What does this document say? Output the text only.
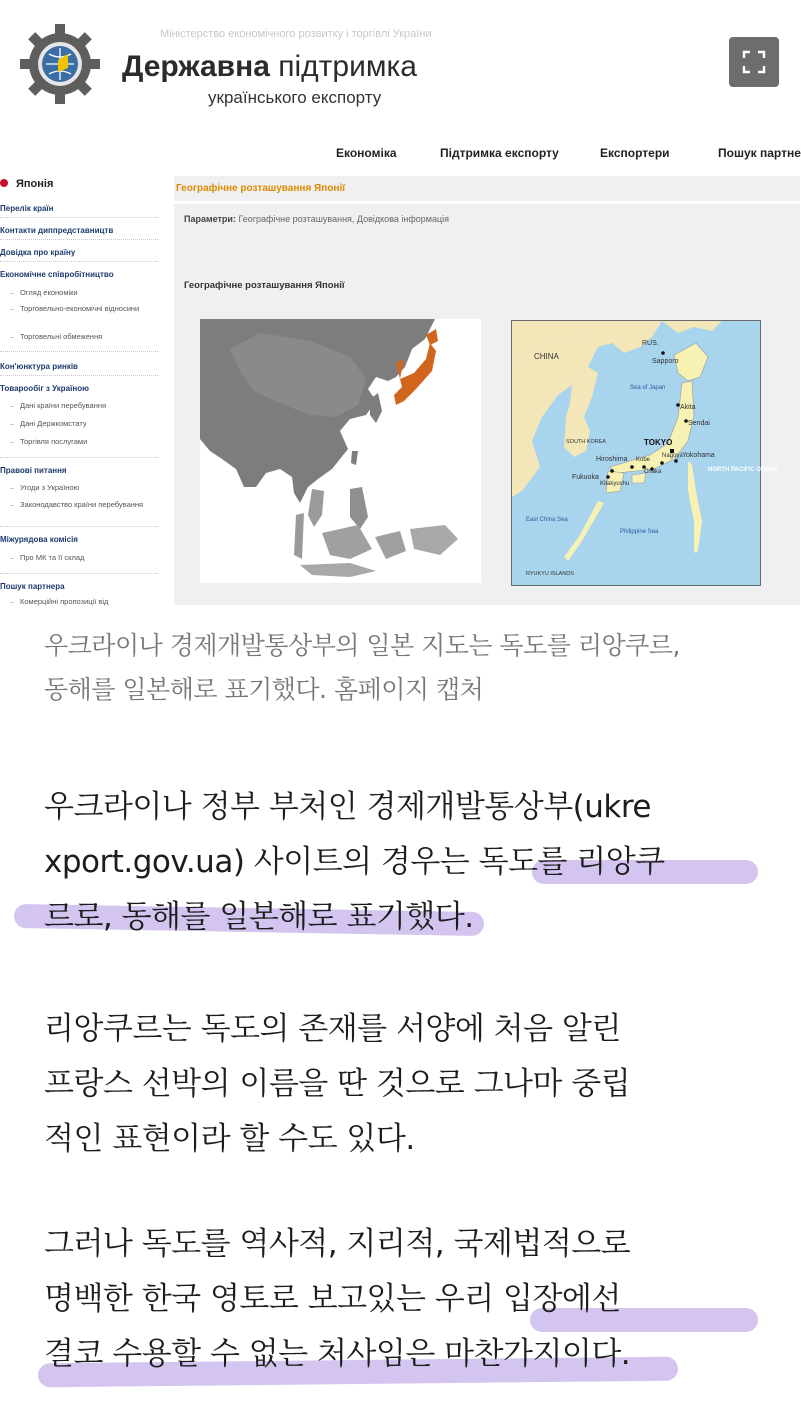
Міністерство економічного розвитку і торгівлі України
Державна підтримка
українського експорту
Економіка	Підтримка експорту	Експортери	Пошук партне
Японія
Перелік країн
Контакти диппредставництв
Довідка про країну
Економічне співробітництво
– Огляд економіки
– Торговельно-економічні відносини
– Торговельні обмеження
Кон'юнктура ринків
Товарообіг з Україною
– Дані країни перебування
– Дані Держкомстату
– Торгівля послугами
Правові питання
– Угоди з Україною
– Законодавство країни перебування
Міжурядова комісія
– Про МК та її склад
Пошук партнера
– Комерційні пропозиції від
Географічне розташування Японії
Параметри: Географічне розташування, Довідкова інформація
Географічне розташування Японії
RUS.
CHINA
Sea of Japan
Sapporo
Akita
Sendai
TOKYO
Yokohama
Hiroshima Kobe
Osaka
Nagoya
Fukuoka
Kitakyushu
SOUTH KOREA
NORTH PACIFIC OCEAN
East China Sea
Philippine Sea
RYUKYU ISLANDS
우크라이나 경제개발통상부의 일본 지도는 독도를 리앙쿠르,
동해를 일본해로 표기했다. 홈페이지 캡처
우크라이나 정부 부처인 경제개발통상부(ukre
xport.gov.ua) 사이트의 경우는 독도를 리앙쿠
르로, 동해를 일본해로 표기했다.
리앙쿠르는 독도의 존재를 서양에 처음 알린
프랑스 선박의 이름을 딴 것으로 그나마 중립
적인 표현이라 할 수도 있다.
그러나 독도를 역사적, 지리적, 국제법적으로
명백한 한국 영토로 보고있는 우리 입장에선
결코 수용할 수 없는 처사임은 마찬가지이다.
